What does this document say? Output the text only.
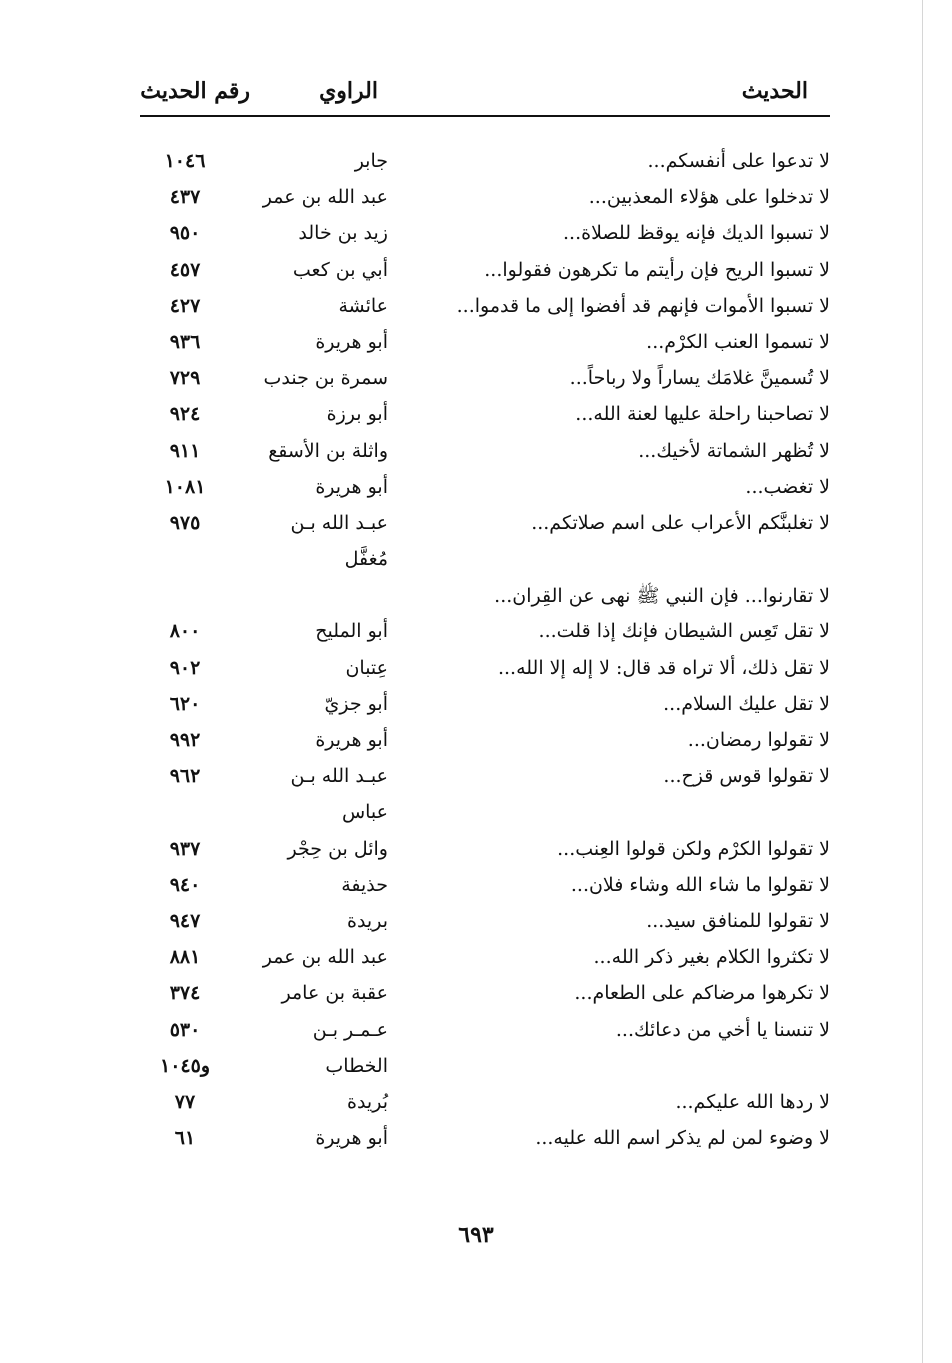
الحديث
الراوي
رقم الحديث
لا تدعوا على أنفسكم...
جابر
١٠٤٦
لا تدخلوا على هؤلاء المعذبين...
عبد الله بن عمر
٤٣٧
لا تسبوا الديك فإنه يوقظ للصلاة...
زيد بن خالد
٩٥٠
لا تسبوا الريح فإن رأيتم ما تكرهون فقولوا...
أبي بن كعب
٤٥٧
لا تسبوا الأموات فإنهم قد أفضوا إلى ما قدموا...
عائشة
٤٢٧
لا تسموا العنب الكرْم...
أبو هريرة
٩٣٦
لا تُسمينَّ غلامَك يساراً ولا رباحاً...
سمرة بن جندب
٧٢٩
لا تصاحبنا راحلة عليها لعنة الله...
أبو برزة
٩٢٤
لا تُظهر الشماتة لأخيك...
واثلة بن الأسقع
٩١١
لا تغضب...
أبو هريرة
١٠٨١
لا تغلبنَّكم الأعراب على اسم صلاتكم...
عبـد الله بـن
٩٧٥
مُغفَّل
لا تقارنوا... فإن النبي ﷺ نهى عن القِران...
لا تقل تَعِس الشيطان فإنك إذا قلت...
أبو المليح
٨٠٠
لا تقل ذلك، ألا تراه قد قال: لا إله إلا الله...
عِتبان
٩٠٢
لا تقل عليك السلام...
أبو جزيّ
٦٢٠
لا تقولوا رمضان...
أبو هريرة
٩٩٢
لا تقولوا قوس قزح...
عبـد الله بـن
٩٦٢
عباس
لا تقولوا الكرْم ولكن قولوا العِنب...
وائل بن حِجْر
٩٣٧
لا تقولوا ما شاء الله وشاء فلان...
حذيفة
٩٤٠
لا تقولوا للمنافق سيد...
بريدة
٩٤٧
لا تكثروا الكلام بغير ذكر الله...
عبد الله بن عمر
٨٨١
لا تكرهوا مرضاكم على الطعام...
عقبة بن عامر
٣٧٤
لا تنسنا يا أخي من دعائك...
عـمـر بـن
٥٣٠
الخطاب
و١٠٤٥
لا ردها الله عليكم...
بُريدة
٧٧
لا وضوء لمن لم يذكر اسم الله عليه...
أبو هريرة
٦١
٦٩٣
